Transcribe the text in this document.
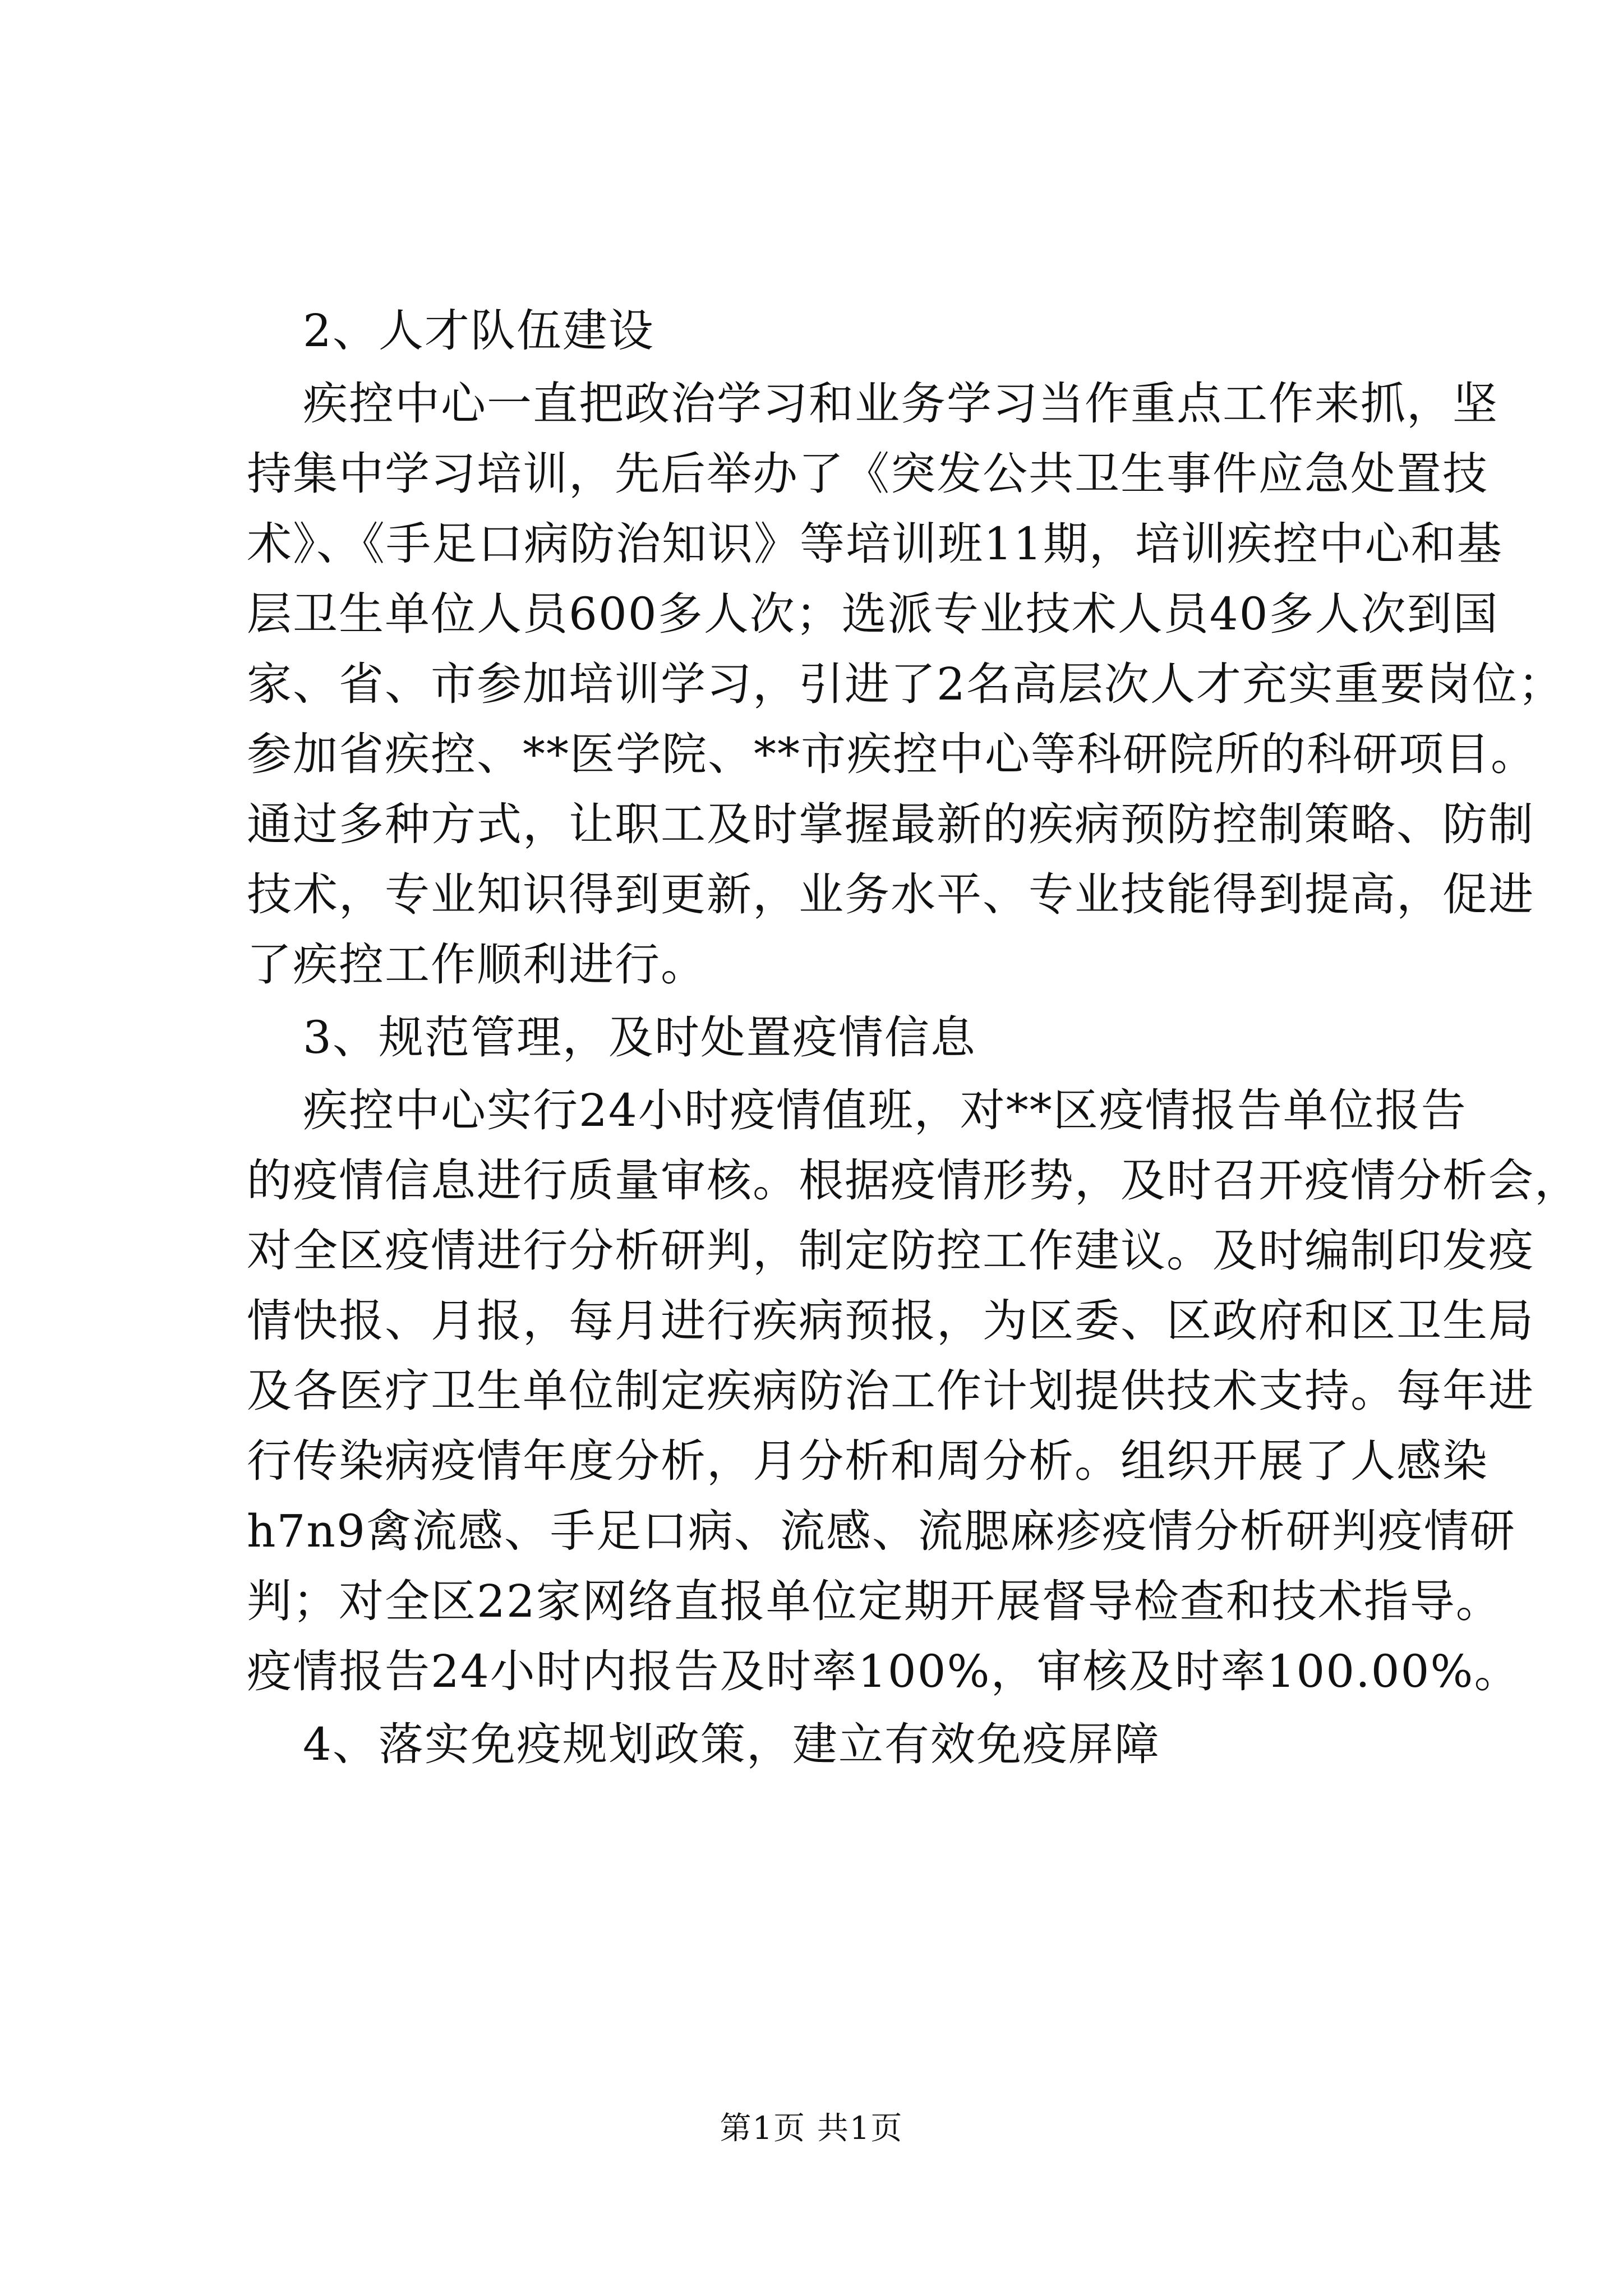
2、人才队伍建设
疾控中心一直把政治学习和业务学习当作重点工作来抓，坚
持集中学习培训，先后举办了《突发公共卫生事件应急处置技
术》、《手足口病防治知识》等培训班11期，培训疾控中心和基
层卫生单位人员600多人次；选派专业技术人员40多人次到国
家、省、市参加培训学习，引进了2名高层次人才充实重要岗位；
参加省疾控、**医学院、**市疾控中心等科研院所的科研项目。
通过多种方式，让职工及时掌握最新的疾病预防控制策略、防制
技术，专业知识得到更新，业务水平、专业技能得到提高，促进
了疾控工作顺利进行。
3、规范管理，及时处置疫情信息
疾控中心实行24小时疫情值班，对**区疫情报告单位报告
的疫情信息进行质量审核。根据疫情形势，及时召开疫情分析会，
对全区疫情进行分析研判，制定防控工作建议。及时编制印发疫
情快报、月报，每月进行疾病预报，为区委、区政府和区卫生局
及各医疗卫生单位制定疾病防治工作计划提供技术支持。每年进
行传染病疫情年度分析，月分析和周分析。组织开展了人感染
h7n9禽流感、手足口病、流感、流腮麻疹疫情分析研判疫情研
判；对全区22家网络直报单位定期开展督导检查和技术指导。
疫情报告24小时内报告及时率100%，审核及时率100.00%。
4、落实免疫规划政策，建立有效免疫屏障
第1页 共1页
